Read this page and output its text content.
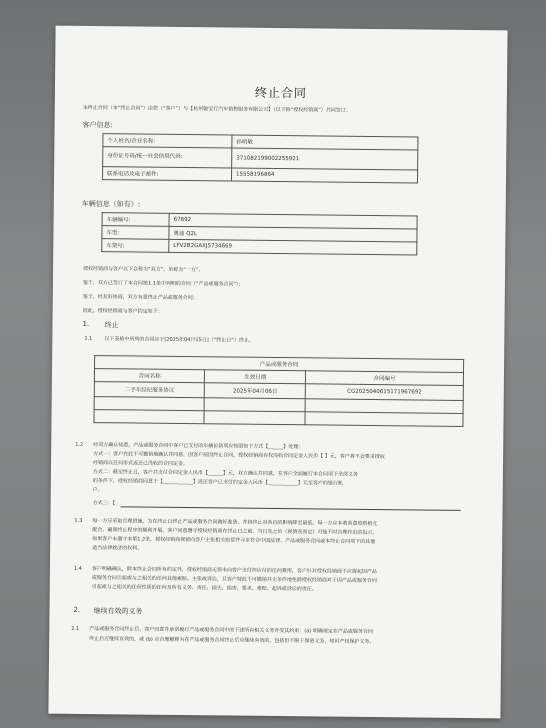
终止合同
本终止合同（本“终止合同”）由您（“客户”）与【杭州驰宝行汽车销售服务有限公司】（以下称“授权经销商”）共同签订。
客户信息:
个人姓名/企业名称:	孙明敏
身份证号码/统一社会信用代码:	371082199002255921
联系电话及电子邮件:	15558196864
车辆信息（如有）:
车辆编号:	67692
车型:	奥迪 Q2L
车架号:	LFV2B2GAXJ5734669
授权经销商与客户以下合称为“双方”，单称为“一方”。
鉴于，双方已签订了本合同第1.1条中列明的合同（“产品或服务合同”）；
鉴于，经友好协商，双方有意终止产品或服务合同；
因此，授权经销商与客户约定如下：
1. 终止
1.1 以下表格中所列的合同应于[2025年04月15日]（“终止日”）终止。
产品或服务合同		
合同名称	生效日期	合同编号
二手车经纪服务协议	2025年04月06日	CG2025040615171967692

1.2 经双方确认知悉，产品或服务合同中客户已支付的车辆价款项应按照如下方式【______】处理:
方式一：客户在此不可撤销地确认并同意，因客户原因终止合同，授权经销商有权没收合同定金人民币【 】元，客户将不会要求授权
经销商以任何形式返还已没收的合同定金。
方式二：截至终止日，客户共支付合同定金人民币【______】元，双方确认并同意，在客户全面履行本合同项下全部义务
的条件下，授权经销商同意于【____________】返还客户已支付的定金人民币【____________】元至客户的银行账
户。
方式三：【
1.3 每一方应采取合理措施，为在终止日终止产品或服务合同做好准备，并将终止对各自的影响降至最低。每一方应本着善意原则相互
配合，确保终止程序的顺利开展。客户同意遵守授权经销商在终止日之前、当日及之后（视情况而定）可能不时合理作出的指示。
如果客户未遵守本第1.2条，授权经销商保留向客户主张相关赔偿并寻求符合中国法律、产品或服务合同或本终止合同项下的其他
适当法律救济的权利。
1.4 客户明确确认，除本终止合同所有约定外，授权经销商无须未向客户支付但应付的任何费用，客户针对授权经销商不应提起因产品
或服务合同引起或与之相关的任何其他索赔、主张或诉讼，且客户特此不可撤销并无条件地免除授权经销商对于因产品或服务合同
引起或与之相关的任何性质的任何及所有义务、责任、损失、损害、要求、索赔、起诉或诉讼的责任。
2. 继续有效的义务
2.1 产品或服务合同终止后，客户同意并承诺履行产品或服务合同中的下述所有相关义务并受其约束：(a) 明确规定在产品或服务合同
终止后应继续有效的，或 (b) 应合理解释为在产品或服务合同终止后应继续有效的，包括但不限于保密义务、知识产权保护义务、
